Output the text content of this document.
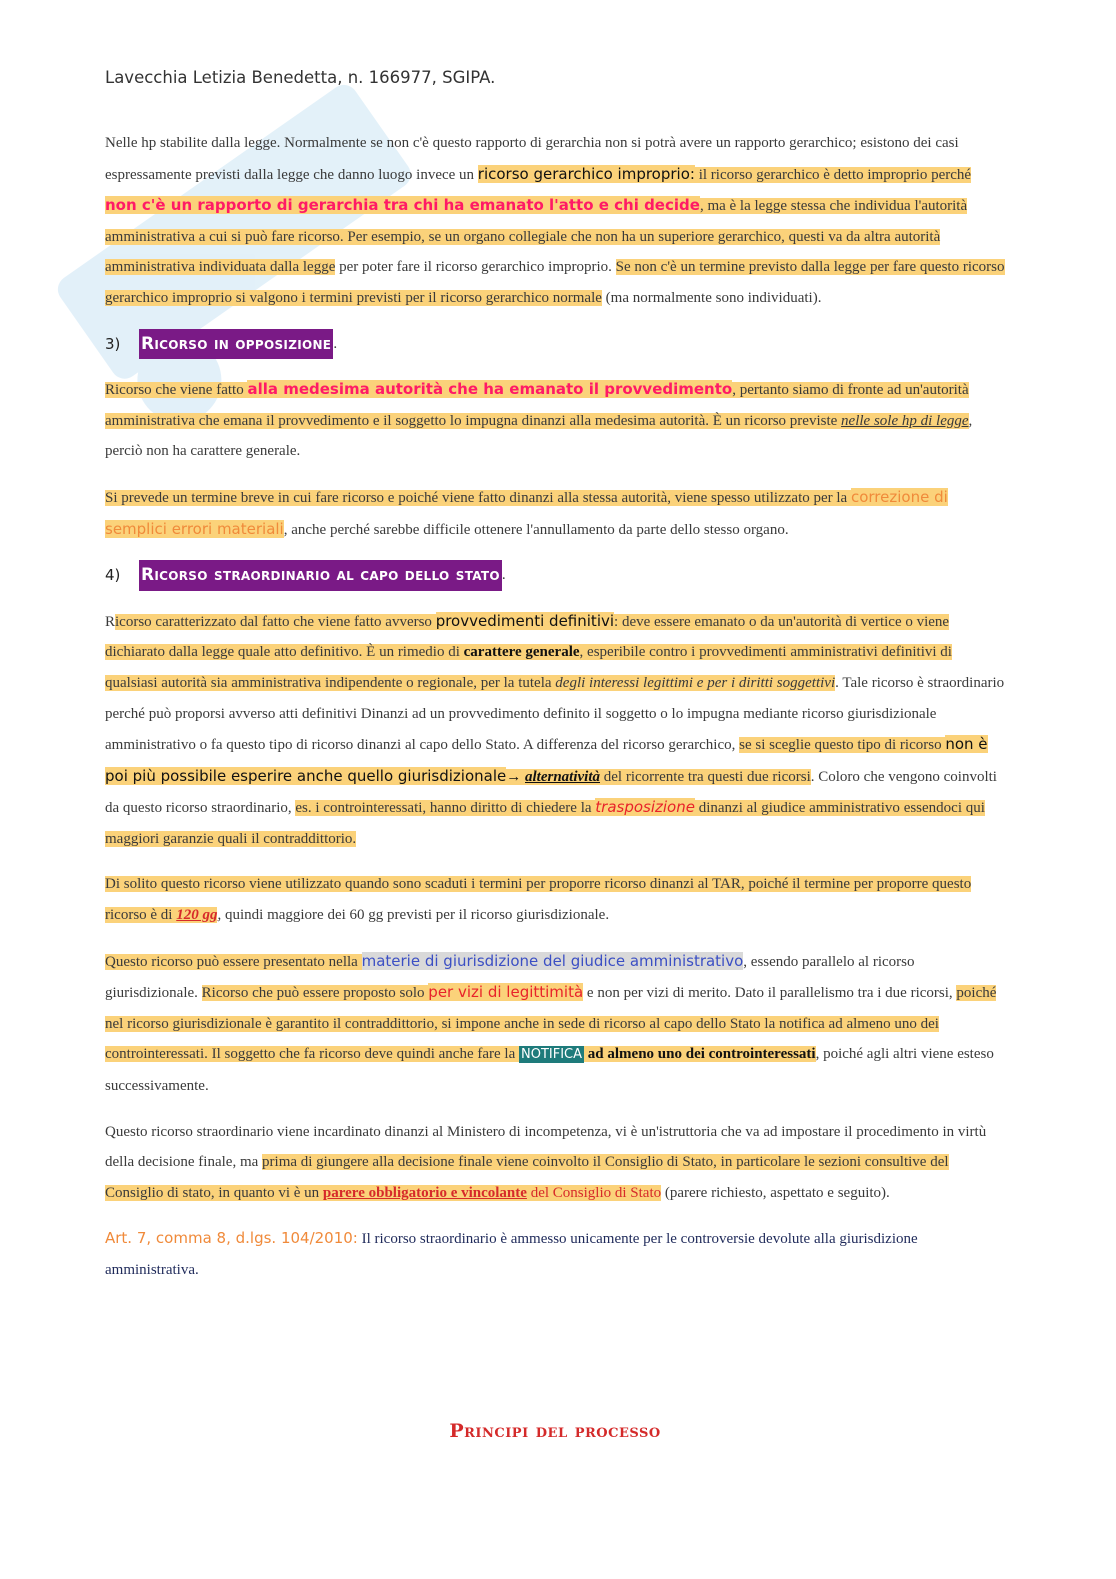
Lavecchia Letizia Benedetta, n. 166977, SGIPA.

Nelle hp stabilite dalla legge. Normalmente se non c'è questo rapporto di gerarchia non si potrà avere un rapporto gerarchico; esistono dei casi espressamente previsti dalla legge che danno luogo invece un ricorso gerarchico improprio: il ricorso gerarchico è detto improprio perché non c'è un rapporto di gerarchia tra chi ha emanato l'atto e chi decide, ma è la legge stessa che individua l'autorità amministrativa a cui si può fare ricorso. Per esempio, se un organo collegiale che non ha un superiore gerarchico, questi va da altra autorità amministrativa individuata dalla legge per poter fare il ricorso gerarchico improprio. Se non c'è un termine previsto dalla legge per fare questo ricorso gerarchico improprio si valgono i termini previsti per il ricorso gerarchico normale (ma normalmente sono individuati).

3)	Ricorso in opposizione .

Ricorso che viene fatto alla medesima autorità che ha emanato il provvedimento, pertanto siamo di fronte ad un'autorità amministrativa che emana il provvedimento e il soggetto lo impugna dinanzi alla medesima autorità. È un ricorso previste nelle sole hp di legge, perciò non ha carattere generale.

Si prevede un termine breve in cui fare ricorso e poiché viene fatto dinanzi alla stessa autorità, viene spesso utilizzato per la correzione di semplici errori materiali, anche perché sarebbe difficile ottenere l'annullamento da parte dello stesso organo.

4)	Ricorso straordinario al capo dello stato .

Ricorso caratterizzato dal fatto che viene fatto avverso provvedimenti definitivi: deve essere emanato o da un'autorità di vertice o viene dichiarato dalla legge quale atto definitivo. È un rimedio di carattere generale, esperibile contro i provvedimenti amministrativi definitivi di qualsiasi autorità sia amministrativa indipendente o regionale, per la tutela degli interessi legittimi e per i diritti soggettivi. Tale ricorso è straordinario perché può proporsi avverso atti definitivi Dinanzi ad un provvedimento definito il soggetto o lo impugna mediante ricorso giurisdizionale amministrativo o fa questo tipo di ricorso dinanzi al capo dello Stato. A differenza del ricorso gerarchico, se si sceglie questo tipo di ricorso non è poi più possibile esperire anche quello giurisdizionale→ alternatività del ricorrente tra questi due ricorsi. Coloro che vengono coinvolti da questo ricorso straordinario, es. i controinteressati, hanno diritto di chiedere la trasposizione dinanzi al giudice amministrativo essendoci qui maggiori garanzie quali il contraddittorio.

Di solito questo ricorso viene utilizzato quando sono scaduti i termini per proporre ricorso dinanzi al TAR, poiché il termine per proporre questo ricorso è di 120 gg, quindi maggiore dei 60 gg previsti per il ricorso giurisdizionale.

Questo ricorso può essere presentato nella materie di giurisdizione del giudice amministrativo, essendo parallelo al ricorso giurisdizionale. Ricorso che può essere proposto solo per vizi di legittimità e non per vizi di merito. Dato il parallelismo tra i due ricorsi, poiché nel ricorso giurisdizionale è garantito il contraddittorio, si impone anche in sede di ricorso al capo dello Stato la notifica ad almeno uno dei controinteressati. Il soggetto che fa ricorso deve quindi anche fare la NOTIFICA ad almeno uno dei controinteressati, poiché agli altri viene esteso successivamente.

Questo ricorso straordinario viene incardinato dinanzi al Ministero di incompetenza, vi è un'istruttoria che va ad impostare il procedimento in virtù della decisione finale, ma prima di giungere alla decisione finale viene coinvolto il Consiglio di Stato, in particolare le sezioni consultive del Consiglio di stato, in quanto vi è un parere obbligatorio e vincolante del Consiglio di Stato (parere richiesto, aspettato e seguito).

Art. 7, comma 8, d.lgs. 104/2010: Il ricorso straordinario è ammesso unicamente per le controversie devolute alla giurisdizione amministrativa.

Principi del processo
